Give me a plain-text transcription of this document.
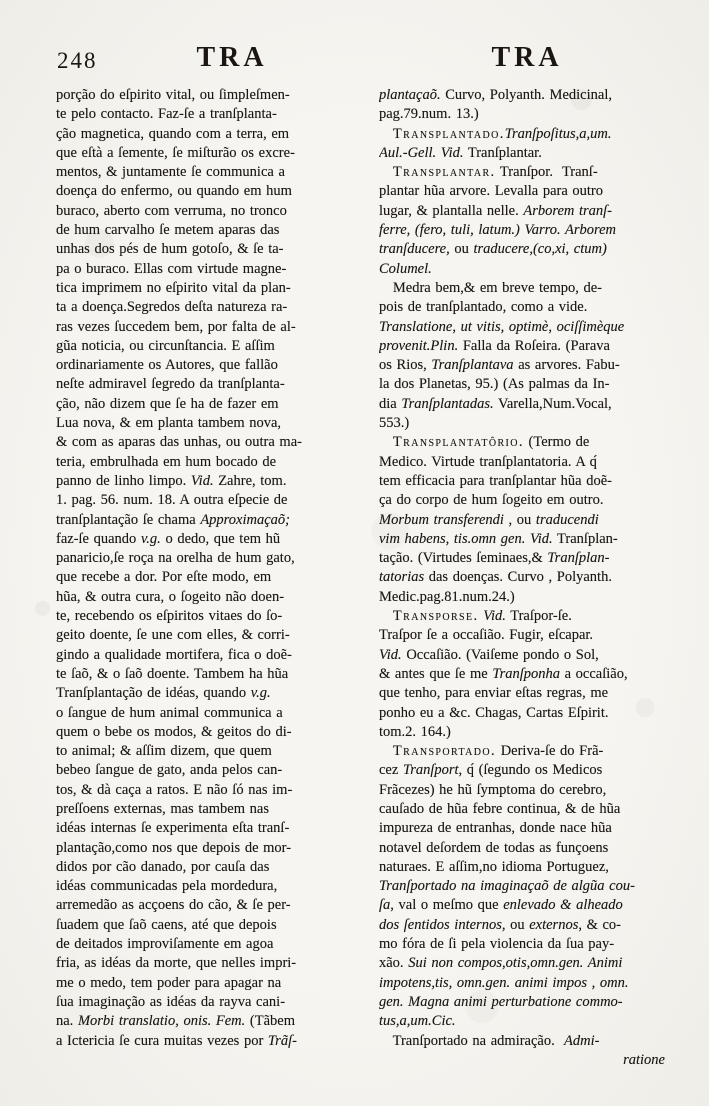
248	TRA	TRA
porção do eſpirito vital, ou ſimpleſmen-
te pelo contacto. Faz-ſe a tranſplanta-
ção magnetica, quando com a terra, em
que eſtà a ſemente, ſe miſturão os excre-
mentos, & juntamente ſe communica a
doença do enfermo, ou quando em hum
buraco, aberto com verruma, no tronco
de hum carvalho ſe metem aparas das
unhas dos pés de hum gotoſo, & ſe ta-
pa o buraco. Ellas com virtude magne-
tica imprimem no eſpirito vital da plan-
ta a doença.Segredos deſta natureza ra-
ras vezes ſuccedem bem, por falta de al-
gũa noticia, ou circunſtancia. E aſſim
ordinariamente os Autores, que fallão
neſte admiravel ſegredo da tranſplanta-
ção, não dizem que ſe ha de fazer em
Lua nova, & em planta tambem nova,
& com as aparas das unhas, ou outra ma-
teria, embrulhada em hum bocado de
panno de linho limpo. Vid. Zahre, tom.
1. pag. 56. num. 18. A outra eſpecie de
tranſplantação ſe chama Approximaçaõ;
faz-ſe quando v.g. o dedo, que tem hũ
panaricio,ſe roça na orelha de hum gato,
que recebe a dor. Por eſte modo, em
hũa, & outra cura, o ſogeito não doen-
te, recebendo os eſpiritos vitaes do ſo-
geito doente, ſe une com elles, & corri-
gindo a qualidade mortifera, fica o doẽ-
te ſaõ, & o ſaõ doente. Tambem ha hũa
Tranſplantação de idéas, quando v.g.
o ſangue de hum animal communica a
quem o bebe os modos, & geitos do di-
to animal; & aſſim dizem, que quem
bebeo ſangue de gato, anda pelos can-
tos, & dà caça a ratos. E não ſó nas im-
preſſoens externas, mas tambem nas
idéas internas ſe experimenta eſta tranſ-
plantação,como nos que depois de mor-
didos por cão danado, por cauſa das
idéas communicadas pela mordedura,
arremedão as acçoens do cão, & ſe per-
ſuadem que ſaõ caens, até que depois
de deitados improviſamente em agoa
fria, as idéas da morte, que nelles impri-
me o medo, tem poder para apagar na
ſua imaginação as idéas da rayva cani-
na. Morbi translatio, onis. Fem. (Tãbem
a Ictericia ſe cura muitas vezes por Trãſ-
plantaçaõ. Curvo, Polyanth. Medicinal,
pag.79.num. 13.)
Transplantado.Tranſpoſitus,a,um.
Aul.-Gell. Vid. Tranſplantar.
Transplantar. Tranſpor.  Tranſ-
plantar hũa arvore. Levalla para outro
lugar, & plantalla nelle. Arborem tranſ-
ferre, (fero, tuli, latum.) Varro. Arborem
tranſducere, ou traducere,(co,xi, ctum)
Columel.
Medra bem,& em breve tempo, de-
pois de tranſplantado, como a vide.
Translatione, ut vitis, optimè, ociſſimèque
provenit.Plin. Falla da Roſeira. (Parava
os Rios, Tranſplantava as arvores. Fabu-
la dos Planetas, 95.) (As palmas da In-
dia Tranſplantadas. Varella,Num.Vocal,
553.)
Transplantatôrio. (Termo de
Medico. Virtude tranſplantatoria. A q́
tem efficacia para tranſplantar hũa doẽ-
ça do corpo de hum ſogeito em outro.
Morbum transferendi , ou traducendi
vim habens, tis.omn gen. Vid. Tranſplan-
tação. (Virtudes ſeminaes,& Tranſplan-
tatorias das doenças. Curvo , Polyanth.
Medic.pag.81.num.24.)
Transporse. Vid. Traſpor-ſe.
Traſpor ſe a occaſião. Fugir, eſcapar.
Vid. Occaſião. (Vaiſeme pondo o Sol,
& antes que ſe me Tranſponha a occaſião,
que tenho, para enviar eſtas regras, me
ponho eu a &c. Chagas, Cartas Eſpirit.
tom.2. 164.)
Transportado. Deriva-ſe do Frã-
cez Tranſport, q́ (ſegundo os Medicos
Frãcezes) he hũ ſymptoma do cerebro,
cauſado de hũa febre continua, & de hũa
impureza de entranhas, donde nace hũa
notavel deſordem de todas as funçoens
naturaes. E aſſim,no idioma Portuguez,
Tranſportado na imaginaçaõ de algũa cou-
ſa, val o meſmo que enlevado & alheado
dos ſentidos internos, ou externos, & co-
mo fóra de ſi pela violencia da ſua pay-
xão. Sui non compos,otis,omn.gen. Animi
impotens,tis, omn.gen. animi impos , omn.
gen. Magna animi perturbatione commo-
tus,a,um.Cic.
Tranſportado na admiração.  Admi-
ratione
